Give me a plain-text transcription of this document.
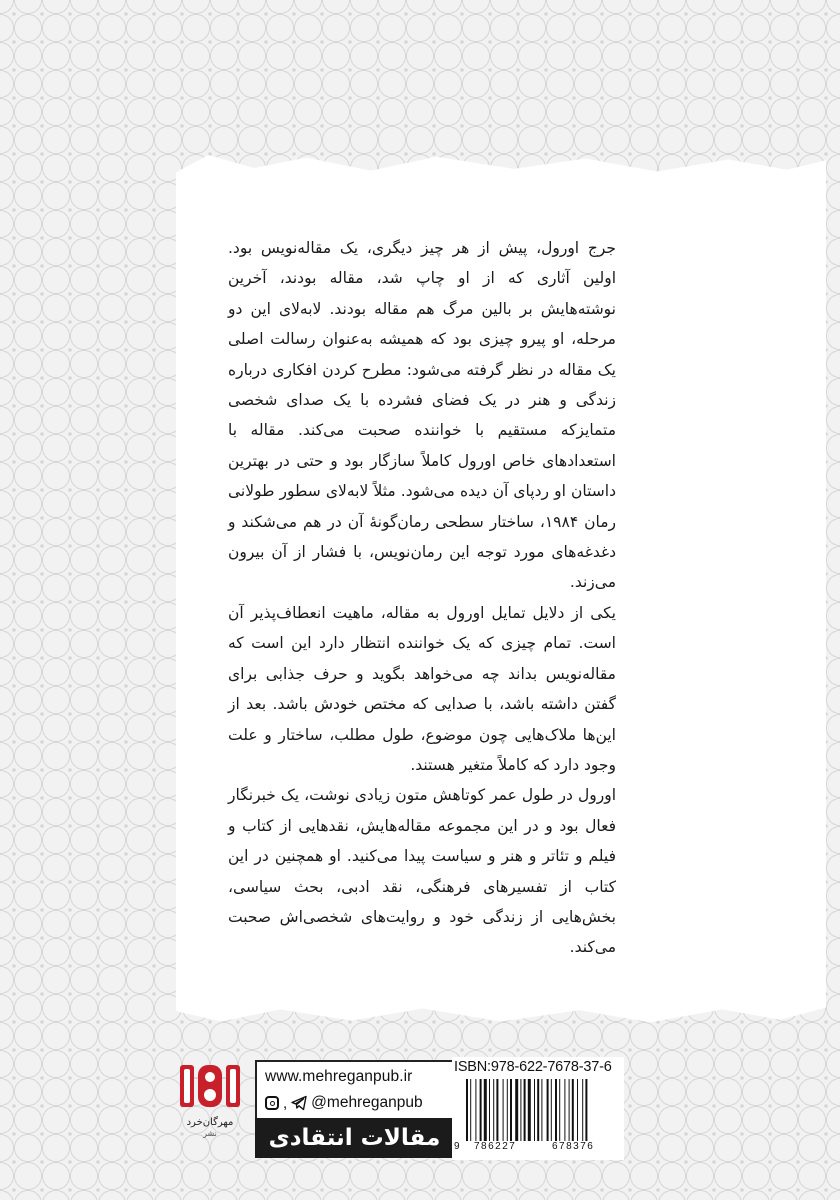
جرج اورول، پیش از هر چیز دیگری، یک مقاله‌نویس بود. اولین آثاری که از او چاپ شد، مقاله بودند، آخرین نوشته‌هایش بر بالین مرگ هم مقاله بودند. لابه‌لای این دو مرحله، او پیرو چیزی بود که همیشه به‌عنوان رسالت اصلی یک مقاله در نظر گرفته می‌شود: مطرح کردن افکاری درباره زندگی و هنر در یک فضای فشرده با یک صدای شخصی متمایزکه مستقیم با خواننده صحبت می‌کند. مقاله با استعدادهای خاص اورول کاملاً سازگار بود و حتی در بهترین داستان او ردپای آن دیده می‌شود. مثلاً لابه‌لای سطور طولانی رمان ۱۹۸۴، ساختار سطحی رمان‌گونهٔ آن در هم می‌شکند و دغدغه‌های مورد توجه این رمان‌نویس، با فشار از آن بیرون می‌زند.

یکی از دلایل تمایل اورول به مقاله، ماهیت انعطاف‌پذیر آن است. تمام چیزی که یک خواننده انتظار دارد این است که مقاله‌نویس بداند چه می‌خواهد بگوید و حرف جذابی برای گفتن داشته باشد، با صدایی که مختص خودش باشد. بعد از این‌ها ملاک‌هایی چون موضوع، طول مطلب، ساختار و علت وجود دارد که کاملاً متغیر هستند.

اورول در طول عمر کوتاهش متون زیادی نوشت، یک خبرنگار فعال بود و در این مجموعه مقاله‌هایش، نقدهایی از کتاب و فیلم و تئاتر و هنر و سیاست پیدا می‌کنید. او همچنین در این کتاب از تفسیرهای فرهنگی، نقد ادبی، بحث سیاسی، بخش‌هایی از زندگی خود و روایت‌های شخصی‌اش صحبت می‌کند.

مهرگان‌خرد
نشر
www.mehreganpub.ir
, @mehreganpub
مقالات انتقادی
ISBN:978-622-7678-37-6
9 786227	678376
